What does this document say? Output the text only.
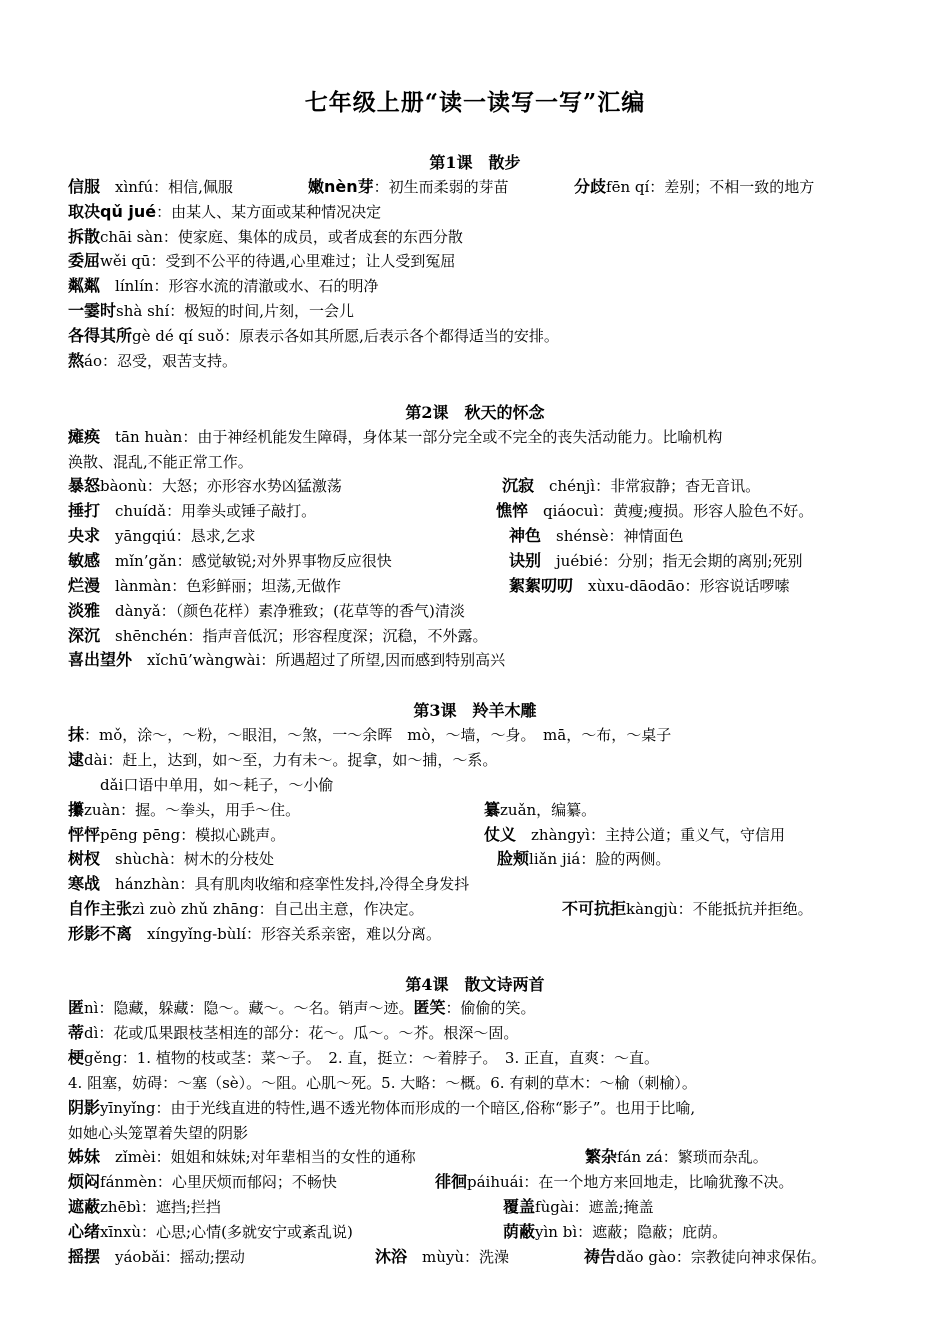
七年级上册“读一读写一写”汇编
第1课　散步
信服　xìnfú：相信,佩服	嫩nèn芽：初生而柔弱的芽苗	分歧fēn qí：差别；不相一致的地方
取决qǔ jué：由某人、某方面或某种情况决定
拆散chāi sàn：使家庭、集体的成员，或者成套的东西分散
委屈wěi qū：受到不公平的待遇,心里难过；让人受到冤屈
粼粼　línlín：形容水流的清澈或水、石的明净
一霎时shà shí：极短的时间,片刻，一会儿
各得其所gè dé qí suǒ：原表示各如其所愿,后表示各个都得适当的安排。
熬áo：忍受，艰苦支持。
第2课　秋天的怀念
瘫痪　tān huàn：由于神经机能发生障碍，身体某一部分完全或不完全的丧失活动能力。比喻机构
涣散、混乱,不能正常工作。
暴怒bàonù：大怒；亦形容水势凶猛激荡	沉寂　chénjì：非常寂静；杳无音讯。
捶打　chuídǎ：用拳头或锤子敲打。	憔悴　qiáocuì：黄瘦;瘦损。形容人脸色不好。
央求　yāngqiú：恳求,乞求	神色　shénsè：神情面色
敏感　mǐn’gǎn：感觉敏锐;对外界事物反应很快	诀别　juébié：分别；指无会期的离别;死别
烂漫　lànmàn：色彩鲜丽；坦荡,无做作	絮絮叨叨　xùxu-dāodāo：形容说话啰嗦
淡雅　dànyǎ：（颜色花样）素净雅致；(花草等的香气)清淡
深沉　shēnchén：指声音低沉；形容程度深；沉稳，不外露。
喜出望外　xǐchū’wàngwài：所遇超过了所望,因而感到特别高兴
第3课　羚羊木雕
抹：mǒ，涂～，～粉，～眼泪，～煞，一～余晖　mò，～墙，～身。　mā，～布，～桌子
逮dài：赶上，达到，如～至，力有未～。捉拿，如～捕，～系。
dǎi口语中单用，如～耗子，～小偷
攥zuàn：握。～拳头，用手～住。	纂zuǎn，编纂。
怦怦pēng pēng：模拟心跳声。	仗义　zhàngyì：主持公道；重义气，守信用
树杈　shùchà：树木的分枝处	脸颊liǎn jiá：脸的两侧。
寒战　hánzhàn：具有肌肉收缩和痉挛性发抖,冷得全身发抖
自作主张zì zuò zhǔ zhāng：自己出主意，作决定。	不可抗拒kàngjù：不能抵抗并拒绝。
形影不离　xíngyǐng-bùlí：形容关系亲密，难以分离。
第4课　散文诗两首
匿nì：隐藏，躲藏：隐～。藏～。～名。销声～迹。匿笑：偷偷的笑。
蒂dì：花或瓜果跟枝茎相连的部分：花～。瓜～。～芥。根深～固。
梗gěng：1. 植物的枝或茎：菜～子。　2. 直，挺立：～着脖子。　3. 正直，直爽：～直。
4. 阻塞，妨碍：～塞（sè）。～阻。心肌～死。5. 大略：～概。6. 有刺的草木：～榆（刺榆）。
阴影yīnyǐng：由于光线直进的特性,遇不透光物体而形成的一个暗区,俗称“影子”。也用于比喻,
如她心头笼罩着失望的阴影
姊妹　zǐmèi：姐姐和妹妹;对年辈相当的女性的通称	繁杂fán zá：繁琐而杂乱。
烦闷fánmèn：心里厌烦而郁闷；不畅快	徘徊páihuái：在一个地方来回地走，比喻犹豫不决。
遮蔽zhēbì：遮挡;拦挡	覆盖fùgài：遮盖;掩盖
心绪xīnxù：心思;心情(多就安宁或紊乱说)	荫蔽yìn bì：遮蔽；隐蔽；庇荫。
摇摆　yáobǎi：摇动;摆动	沐浴　mùyù：洗澡	祷告dǎo gào：宗教徒向神求保佑。
